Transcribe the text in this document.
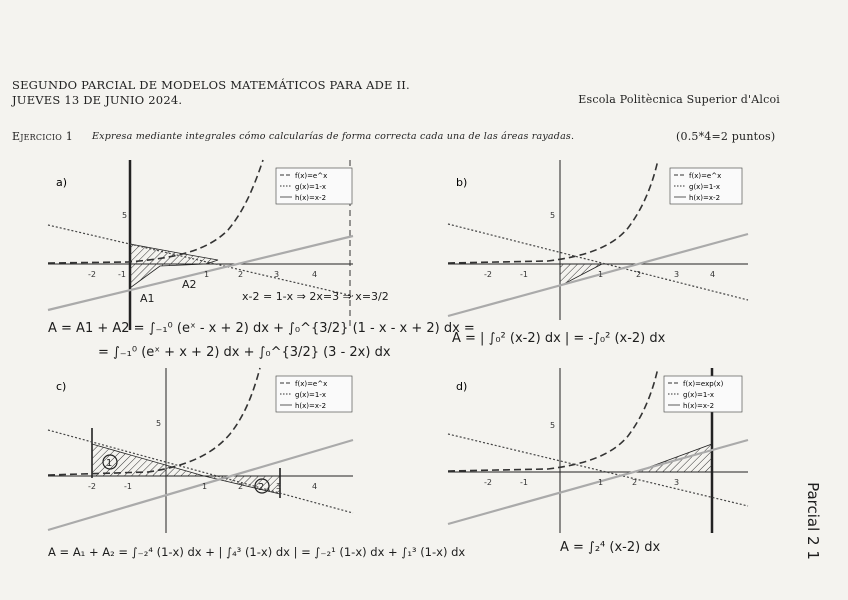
SEGUNDO PARCIAL DE MODELOS MATEMÁTICOS PARA ADE II.
JUEVES 13 DE JUNIO 2024.	Escola Politècnica Superior d'Alcoi
Ejercicio 1 Expresa mediante integrales cómo calcularías de forma correcta cada una de las áreas rayadas.	(0.5*4=2 puntos)
a)
-2	-1	1	2	3	4
5
f(x)=e^x
g(x)=1-x
h(x)=x-2
A1
A2
x-2 = 1-x ⇒ 2x=3 ⇒ x=3/2
A = A1 + A2 = ∫₋₁⁰ (eˣ - x + 2) dx + ∫₀^{3/2} (1 - x - x + 2) dx =
= ∫₋₁⁰ (eˣ + x + 2) dx + ∫₀^{3/2} (3 - 2x) dx
b)
-2	-1	1	2	3	4
5
f(x)=e^x
g(x)=1-x
h(x)=x-2
A = | ∫₀² (x-2) dx | = -∫₀² (x-2) dx
c)
-2	-1	1	2	3	4
5
1
2
f(x)=e^x
g(x)=1-x
h(x)=x-2
A = A₁ + A₂ = ∫₋₂⁴ (1-x) dx + | ∫₄³ (1-x) dx | = ∫₋₂¹ (1-x) dx + ∫₁³ (1-x) dx
d)
-2	-1	1	2	3
5
f(x)=exp(x)
g(x)=1-x
h(x)=x-2
A = ∫₂⁴ (x-2) dx	Parcial 2 1
